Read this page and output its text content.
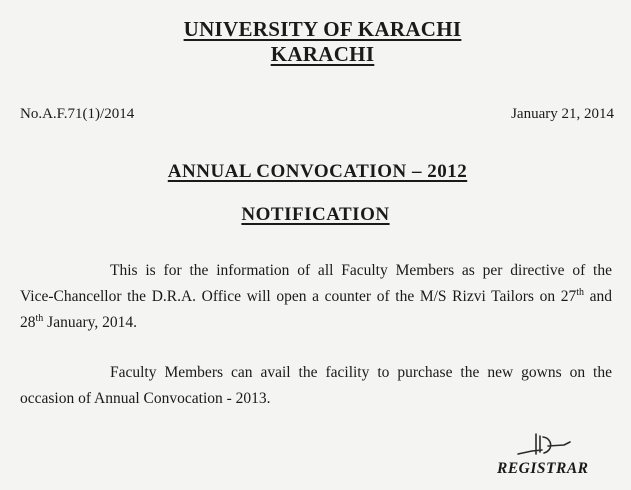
UNIVERSITY OF KARACHI
KARACHI
No.A.F.71(1)/2014	January 21, 2014
ANNUAL CONVOCATION – 2012
NOTIFICATION
This is for the information of all Faculty Members as per directive of the
Vice-Chancellor the D.R.A. Office will open a counter of the M/S Rizvi Tailors on 27th and
28th January, 2014.
Faculty Members can avail the facility to purchase the new gowns on the
occasion of Annual Convocation - 2013.
REGISTRAR
